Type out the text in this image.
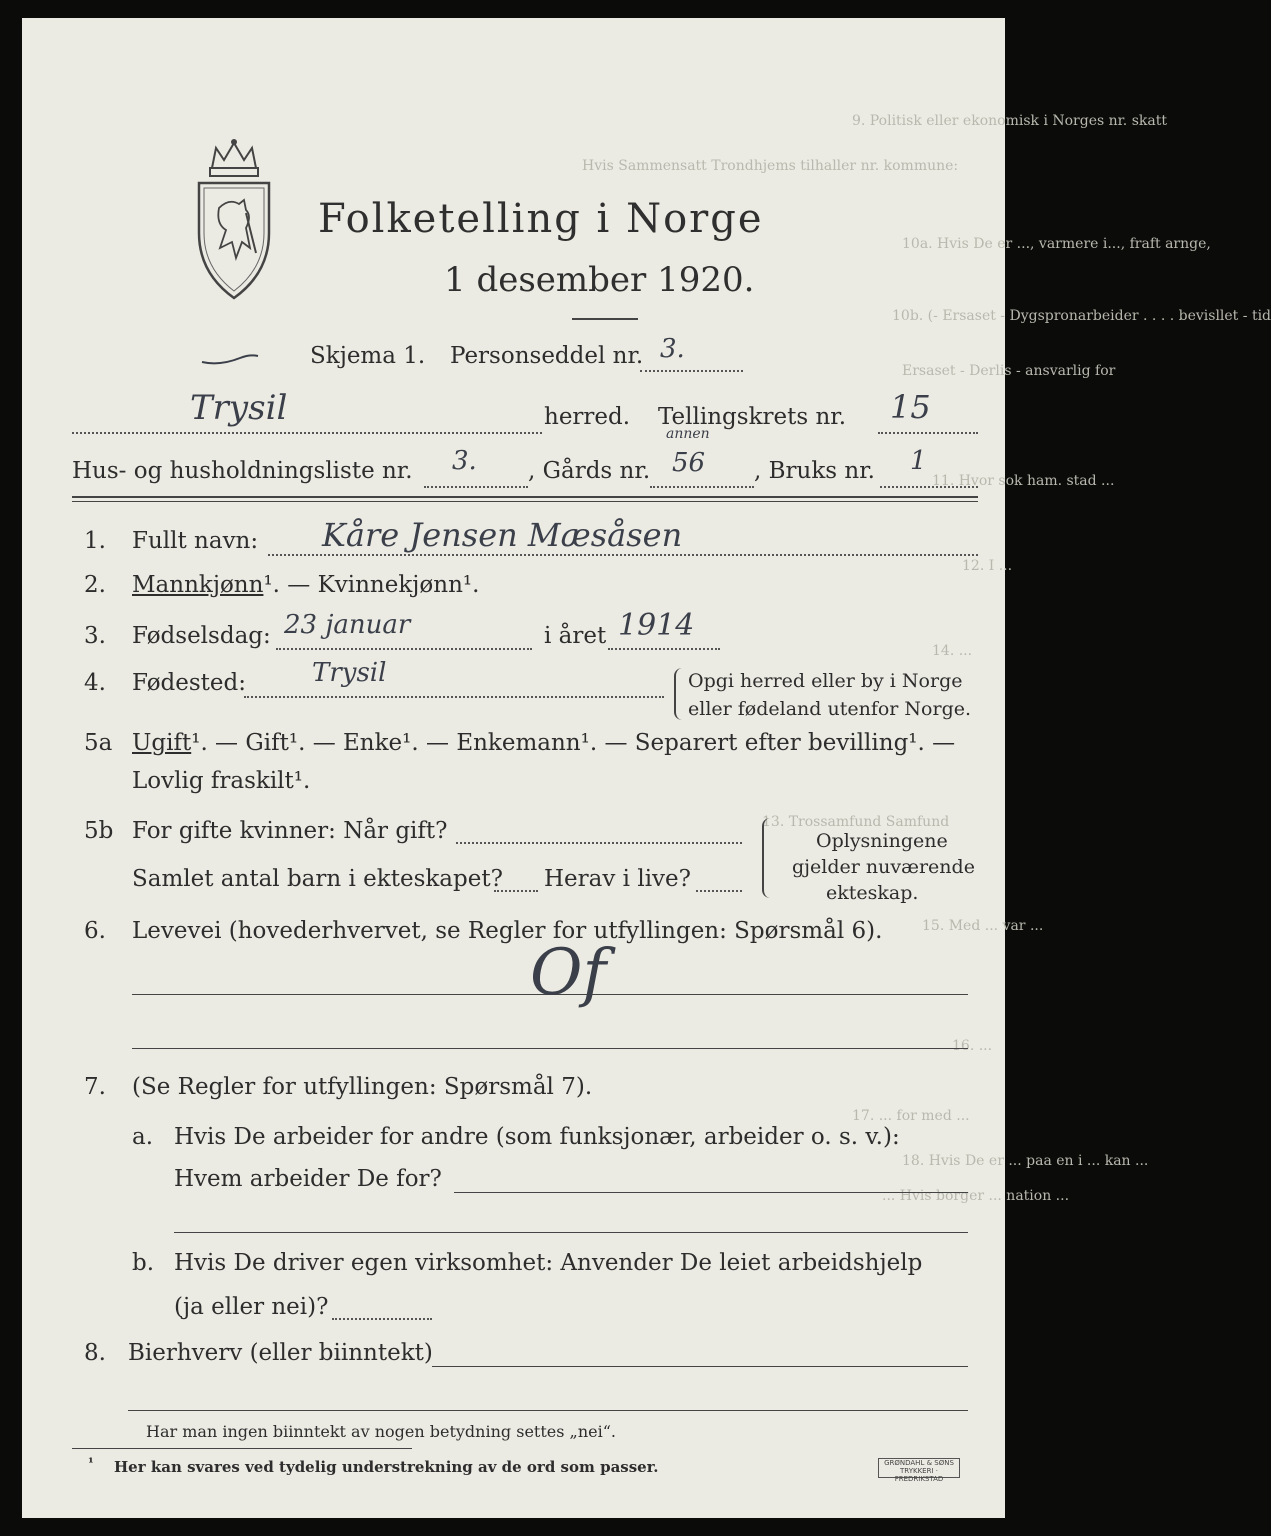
9. Politisk eller ekonomisk i Norges nr. skatt
Hvis Sammensatt Trondhjems tilhaller nr. kommune:
10a. Hvis De er ..., varmere i..., fraft arnge,
10b. (- Ersaset - Dygspronarbeider . . . . bevisllet - tid
Ersaset - Derlis - ansvarlig for
11. Hvor sok ham. stad ...
12. I ...
13. Trossamfund Samfund
14. ...
15. Med ... var ...
16. ...
17. ... for med ...
18. Hvis De er ... paa en i ... kan ...
... Hvis borger ... nation ...
Folketelling i Norge
1 desember 1920.
Skjema 1. Personseddel nr. 3.
Trysil	herred. Tellingskrets nr. 15
Hus- og husholdningsliste nr. 3. , Gårds nr. 56
annen
, Bruks nr. 1
1. Fullt navn: Kåre Jensen Mæsåsen
2. Mannkjønn¹. — Kvinnekjønn¹.
3. Fødselsdag: 23 januar	i året 1914
4. Fødested:	Trysil	Opgi herred eller by i Norge
eller fødeland utenfor Norge.
5a Ugift¹. — Gift¹. — Enke¹. — Enkemann¹. — Separert efter bevilling¹. —
Lovlig fraskilt¹.
5b For gifte kvinner: Når gift?
Samlet antal barn i ekteskapet? Herav i live?
Oplysningene
gjelder nuværende
ekteskap.
6. Levevei (hovederhvervet, se Regler for utfyllingen: Spørsmål 6).
Of
7. (Se Regler for utfyllingen: Spørsmål 7).
a. Hvis De arbeider for andre (som funksjonær, arbeider o. s. v.):
Hvem arbeider De for?
b. Hvis De driver egen virksomhet: Anvender De leiet arbeidshjelp
(ja eller nei)?
8. Bierhverv (eller biinntekt)
Har man ingen biinntekt av nogen betydning settes „nei“.
¹ Her kan svares ved tydelig understrekning av de ord som passer.	GRØNDAHL & SØNS TRYKKERI · FREDRIKSTAD
